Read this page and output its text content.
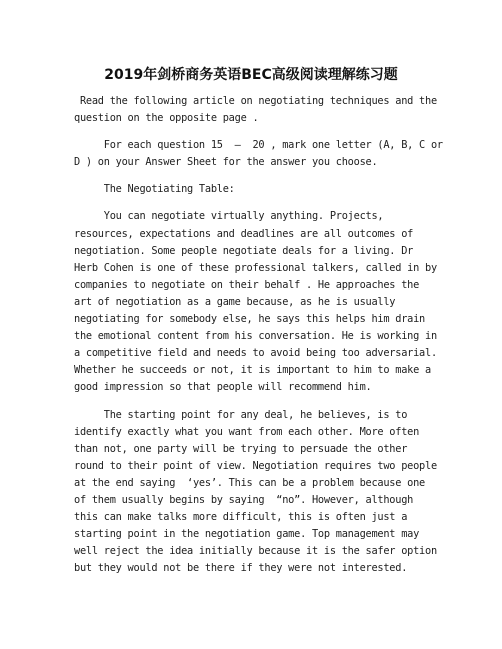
2019年剑桥商务英语BEC高级阅读理解练习题
Read the following article on negotiating techniques and the
question on the opposite page .
For each question 15  –  20 , mark one letter (A, B, C or
D ) on your Answer Sheet for the answer you choose.
The Negotiating Table:
You can negotiate virtually anything. Projects,
resources, expectations and deadlines are all outcomes of
negotiation. Some people negotiate deals for a living. Dr
Herb Cohen is one of these professional talkers, called in by
companies to negotiate on their behalf . He approaches the
art of negotiation as a game because, as he is usually
negotiating for somebody else, he says this helps him drain
the emotional content from his conversation. He is working in
a competitive field and needs to avoid being too adversarial.
Whether he succeeds or not, it is important to him to make a
good impression so that people will recommend him.
The starting point for any deal, he believes, is to
identify exactly what you want from each other. More often
than not, one party will be trying to persuade the other
round to their point of view. Negotiation requires two people
at the end saying  ‘yes’. This can be a problem because one
of them usually begins by saying  “no”. However, although
this can make talks more difficult, this is often just a
starting point in the negotiation game. Top management may
well reject the idea initially because it is the safer option
but they would not be there if they were not interested.
